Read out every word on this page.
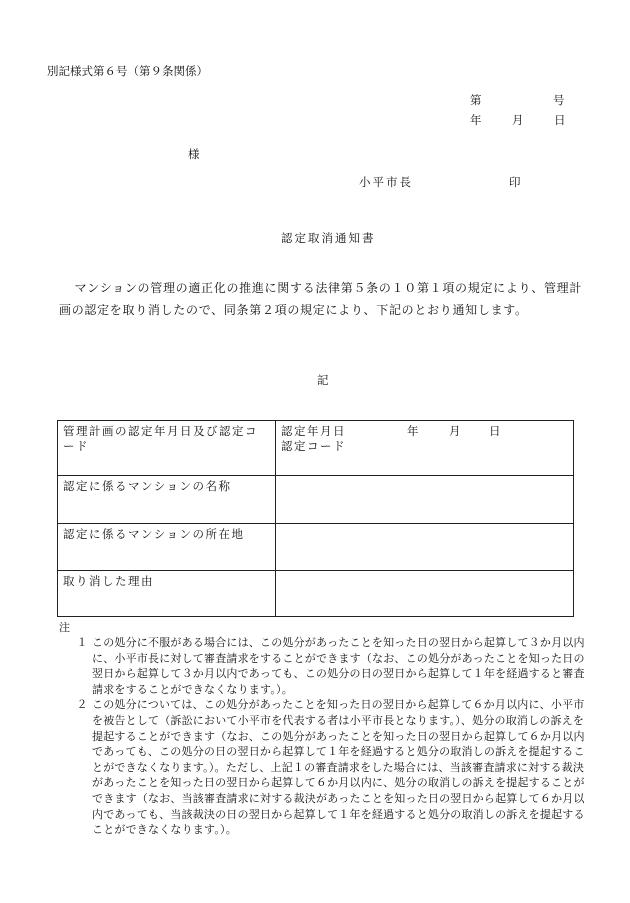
別記様式第６号（第９条関係）
第	号
年	月	日
様
小平市長	印
認定取消通知書
マンションの管理の適正化の推進に関する法律第５条の１０第１項の規定により、管理計画の認定を取り消したので、同条第２項の規定により、下記のとおり通知します。
記
管理計画の認定年月日及び認定コード	認定年月日 年 月 日
認定コード

認定に係るマンションの名称	
認定に係るマンションの所在地	
取り消した理由	
注
１ この処分に不服がある場合には、この処分があったことを知った日の翌日から起算して３か月以内に、小平市長に対して審査請求をすることができます（なお、この処分があったことを知った日の翌日から起算して３か月以内であっても、この処分の日の翌日から起算して１年を経過すると審査請求をすることができなくなります。）。
２ この処分については、この処分があったことを知った日の翌日から起算して６か月以内に、小平市を被告として（訴訟において小平市を代表する者は小平市長となります。）、処分の取消しの訴えを提起することができます（なお、この処分があったことを知った日の翌日から起算して６か月以内であっても、この処分の日の翌日から起算して１年を経過すると処分の取消しの訴えを提起することができなくなります。）。ただし、上記１の審査請求をした場合には、当該審査請求に対する裁決があったことを知った日の翌日から起算して６か月以内に、処分の取消しの訴えを提起することができます（なお、当該審査請求に対する裁決があったことを知った日の翌日から起算して６か月以内であっても、当該裁決の日の翌日から起算して１年を経過すると処分の取消しの訴えを提起することができなくなります。）。
